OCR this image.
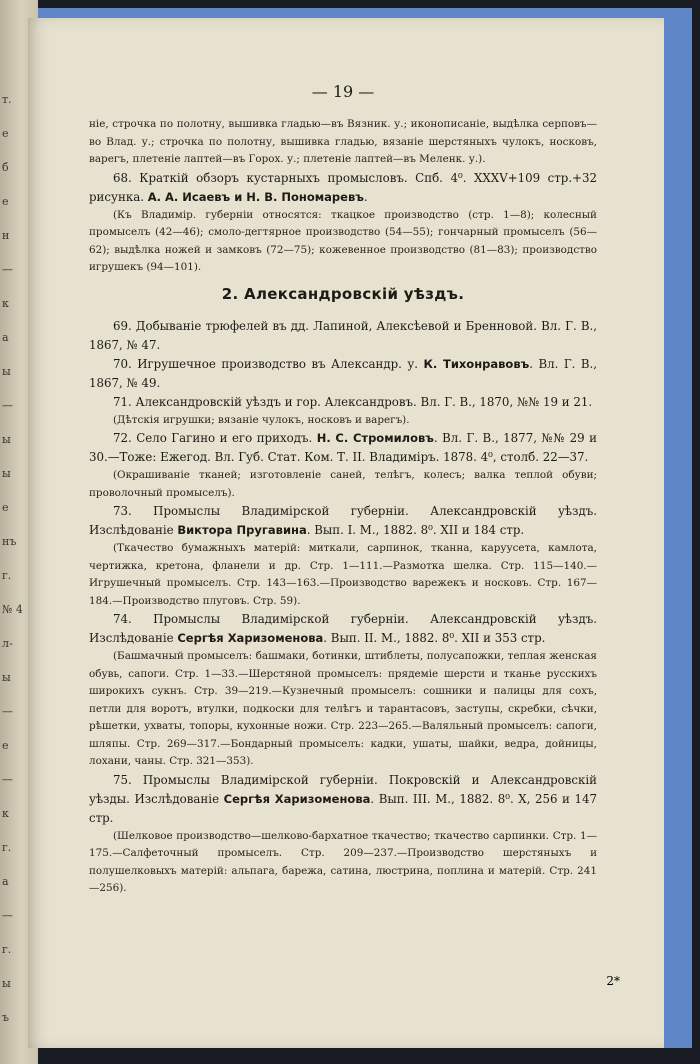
т.
е
б
е
н
—
к
а
ы
—
ы
ы
е
нъ
г.
№ 4
л-
ы
—
е
—
к
г.
а
—
г.
ы
ъ
— 19 —

ніе, строчка по полотну, вышивка гладью—въ Вязник. у.; иконописаніе, выдѣлка серповъ—во Влад. у.; строчка по полотну, вышивка гладью, вязаніе шерстяныхъ чулокъ, носковъ, варегъ, плетеніе лаптей—въ Горох. у.; плетеніе лаптей—въ Меленк. у.).

68. Краткій обзоръ кустарныхъ промысловъ. Спб. 4⁰. XXXV+109 стр.+32 рисунка. А. А. Исаевъ и Н. В. Пономаревъ.

(Къ Владимір. губерніи относятся: ткацкое производство (стр. 1—8); колесный промыселъ (42—46); смоло-дегтярное производство (54—55); гончарный промыселъ (56—62); выдѣлка ножей и замковъ (72—75); кожевенное производство (81—83); производство игрушекъ (94—101).

2. Александровскій уѣздъ.

69. Добываніе трюфелей въ дд. Лапиной, Алексѣевой и Бренновой. Вл. Г. В., 1867, № 47.

70. Игрушечное производство въ Александр. у. К. Тихонравовъ. Вл. Г. В., 1867, № 49.

71. Александровскій уѣздъ и гор. Александровъ. Вл. Г. В., 1870, №№ 19 и 21.

(Дѣтскія игрушки; вязаніе чулокъ, носковъ и варегъ).

72. Село Гагино и его приходъ. Н. С. Стромиловъ. Вл. Г. В., 1877, №№ 29 и 30.—Тоже: Ежегод. Вл. Губ. Стат. Ком. Т. II. Владиміръ. 1878. 4⁰, столб. 22—37.

(Окрашиваніе тканей; изготовленіе саней, телѣгъ, колесъ; валка теплой обуви; проволочный промыселъ).

73. Промыслы Владимірской губерніи. Александровскій уѣздъ. Изслѣдованіе Виктора Пругавина. Вып. I. М., 1882. 8⁰. XII и 184 стр.

(Ткачество бумажныхъ матерій: миткали, сарпинок, тканна, каруусета, камлота, чертижка, кретона, фланели и др. Стр. 1—111.—Размотка шелка. Стр. 115—140.—Игрушечный промыселъ. Стр. 143—163.—Производство варежекъ и носковъ. Стр. 167—184.—Производство плуговъ. Стр. 59).

74. Промыслы Владимірской губерніи. Александровскій уѣздъ. Изслѣдованіе Сергѣя Харизоменова. Вып. II. М., 1882. 8⁰. XII и 353 стр.

(Башмачный промыселъ: башмаки, ботинки, штиблеты, полусапожки, теплая женская обувь, сапоги. Стр. 1—33.—Шерстяной промыселъ: прядеміе шерсти и тканье русскихъ широкихъ сукнъ. Стр. 39—219.—Кузнечный промыселъ: сошники и палицы для сохъ, петли для воротъ, втулки, подкоски для телѣгъ и тарантасовъ, заступы, скребки, сѣчки, рѣшетки, ухваты, топоры, кухонные ножи. Стр. 223—265.—Валяльный промыселъ: сапоги, шляпы. Стр. 269—317.—Бондарный промыселъ: кадки, ушаты, шайки, ведра, дойницы, лохани, чаны. Стр. 321—353).

75. Промыслы Владимірской губерніи. Покровскій и Александровскій уѣзды. Изслѣдованіе Сергѣя Харизоменова. Вып. III. М., 1882. 8⁰. X, 256 и 147 стр.

(Шелковое производство—шелково-бархатное ткачество; ткачество сарпинки. Стр. 1—175.—Салфеточный промыселъ. Стр. 209—237.—Производство шерстяныхъ и полушелковыхъ матерій: альпага, барежа, сатина, люстрина, поплина и матерій. Стр. 241—256).

2*
